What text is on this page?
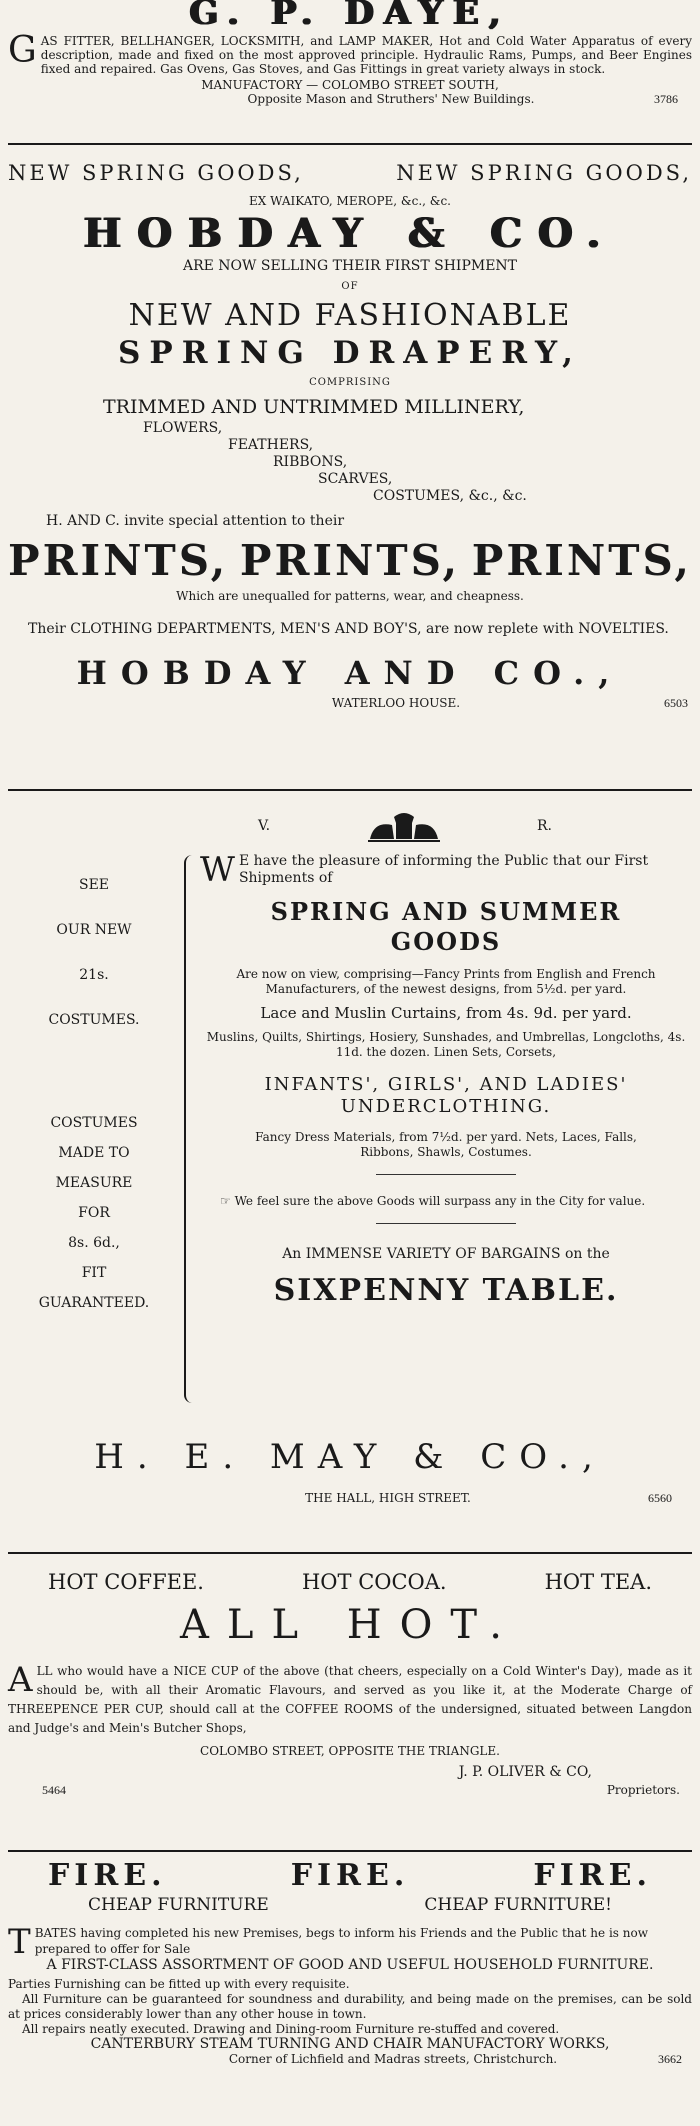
G. P. DAYE,
G AS FITTER, BELLHANGER, LOCKSMITH, and LAMP MAKER, Hot and Cold Water Apparatus of every description, made and fixed on the most approved principle. Hydraulic Rams, Pumps, and Beer Engines fixed and repaired. Gas Ovens, Gas Stoves, and Gas Fittings in great variety always in stock.
MANUFACTORY — COLOMBO STREET SOUTH,
Opposite Mason and Struthers' New Buildings.	3786
NEW SPRING GOODS,	NEW SPRING GOODS,
EX WAIKATO, MEROPE, &c., &c.
HOBDAY & CO.
ARE NOW SELLING THEIR FIRST SHIPMENT
OF
NEW AND FASHIONABLE
SPRING DRAPERY,
COMPRISING
TRIMMED AND UNTRIMMED MILLINERY,
FLOWERS,
FEATHERS,
RIBBONS,
SCARVES,
COSTUMES, &c., &c.
H. AND C. invite special attention to their
PRINTS, PRINTS, PRINTS,
Which are unequalled for patterns, wear, and cheapness.
Their CLOTHING DEPARTMENTS, MEN'S AND BOY'S, are now replete with NOVELTIES.
HOBDAY AND CO.,
WATERLOO HOUSE.	6503
V.	R.
SEE
OUR NEW
21s.
COSTUMES.
COSTUMES
MADE TO
MEASURE
FOR
8s. 6d.,
FIT
GUARANTEED.
W E have the pleasure of informing the Public that our First Shipments of
SPRING AND SUMMER GOODS
Are now on view, comprising—Fancy Prints from English and French Manufacturers, of the newest designs, from 5½d. per yard.
Lace and Muslin Curtains, from 4s. 9d. per yard.
Muslins, Quilts, Shirtings, Hosiery, Sunshades, and Umbrellas, Longcloths, 4s. 11d. the dozen. Linen Sets, Corsets,
INFANTS', GIRLS', AND LADIES' UNDERCLOTHING.
Fancy Dress Materials, from 7½d. per yard. Nets, Laces, Falls, Ribbons, Shawls, Costumes.
☞ We feel sure the above Goods will surpass any in the City for value.
An IMMENSE VARIETY OF BARGAINS on the
SIXPENNY TABLE.
H. E. MAY & CO.,
THE HALL, HIGH STREET.	6560
HOT COFFEE.	HOT COCOA.	HOT TEA.
ALL HOT.
A LL who would have a NICE CUP of the above (that cheers, especially on a Cold Winter's Day), made as it should be, with all their Aromatic Flavours, and served as you like it, at the Moderate Charge of THREEPENCE PER CUP, should call at the COFFEE ROOMS of the undersigned, situated between Langdon and Judge's and Mein's Butcher Shops,
COLOMBO STREET, OPPOSITE THE TRIANGLE.
J. P. OLIVER & CO,
5464	Proprietors.
FIRE.	FIRE.	FIRE.
CHEAP FURNITURE	CHEAP FURNITURE!
T BATES having completed his new Premises, begs to inform his Friends and the Public that he is now prepared to offer for Sale
A FIRST-CLASS ASSORTMENT OF GOOD AND USEFUL HOUSEHOLD FURNITURE.
Parties Furnishing can be fitted up with every requisite.
All Furniture can be guaranteed for soundness and durability, and being made on the premises, can be sold at prices considerably lower than any other house in town.
All repairs neatly executed. Drawing and Dining-room Furniture re-stuffed and covered.
CANTERBURY STEAM TURNING AND CHAIR MANUFACTORY WORKS,
Corner of Lichfield and Madras streets, Christchurch.	3662
